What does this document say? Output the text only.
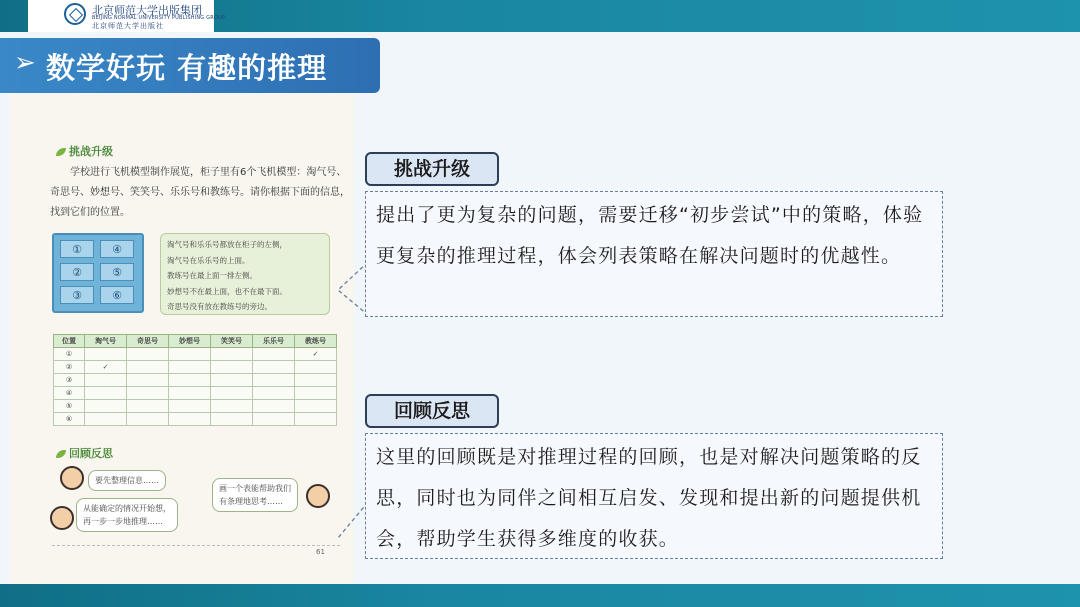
北京师范大学出版集团
BEIJING NORMAL UNIVERSITY PUBLISHING GROUP
北京师范大学出版社
➢ 数学好玩 有趣的推理
挑战升级
学校进行飞机模型制作展览，柜子里有6个飞机模型：淘气号、奇思号、妙想号、笑笑号、乐乐号和教练号。请你根据下面的信息，找到它们的位置。
①	④
②	⑤
③	⑥
淘气号和乐乐号都放在柜子的左侧，
淘气号在乐乐号的上面。
教练号在最上面一排左侧。
妙想号不在最上面，也不在最下面。
奇思号没有放在教练号的旁边。
位置	淘气号	奇思号	妙想号	笑笑号	乐乐号	教练号
①						✓
②	✓					
③						
④						
⑤						
⑥						
回顾反思
要先整理信息……
从能确定的情况开始想，
再一步一步地推理……
画一个表能帮助我们
有条理地思考……
61
挑战升级
提出了更为复杂的问题，需要迁移“初步尝试”中的策略，体验更复杂的推理过程，体会列表策略在解决问题时的优越性。
回顾反思
这里的回顾既是对推理过程的回顾，也是对解决问题策略的反思，同时也为同伴之间相互启发、发现和提出新的问题提供机会，帮助学生获得多维度的收获。
